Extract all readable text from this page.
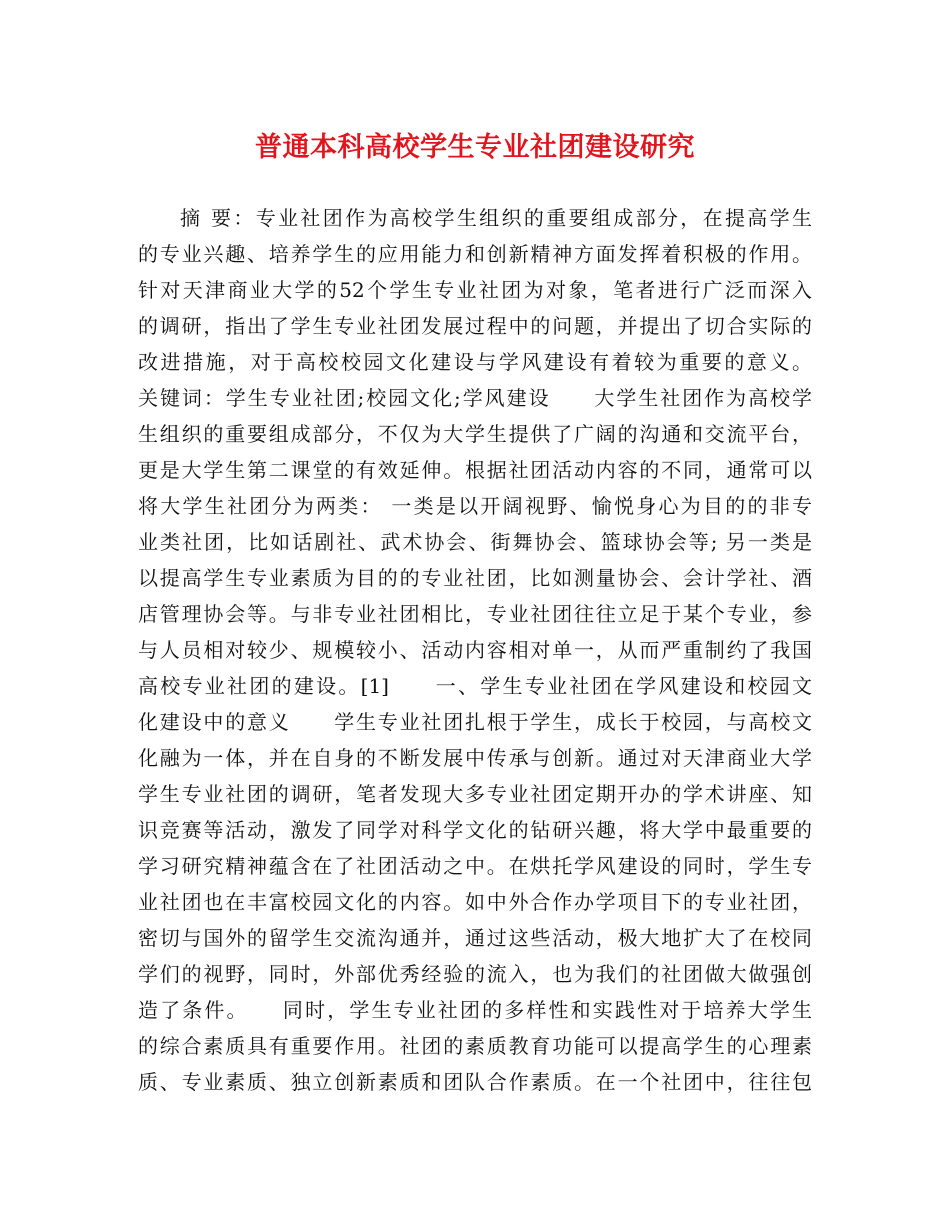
普通本科高校学生专业社团建设研究
摘 要：专业社团作为高校学生组织的重要组成部分，在提高学生
的专业兴趣、培养学生的应用能力和创新精神方面发挥着积极的作用。
针对天津商业大学的52个学生专业社团为对象，笔者进行广泛而深入
的调研，指出了学生专业社团发展过程中的问题，并提出了切合实际的
改进措施，对于高校校园文化建设与学风建设有着较为重要的意义。
关键词：学生专业社团;校园文化;学风建设　　大学生社团作为高校学
生组织的重要组成部分，不仅为大学生提供了广阔的沟通和交流平台，
更是大学生第二课堂的有效延伸。根据社团活动内容的不同，通常可以
将大学生社团分为两类： 一类是以开阔视野、愉悦身心为目的的非专
业类社团，比如话剧社、武术协会、街舞协会、篮球协会等; 另一类是
以提高学生专业素质为目的的专业社团，比如测量协会、会计学社、酒
店管理协会等。与非专业社团相比，专业社团往往立足于某个专业，参
与人员相对较少、规模较小、活动内容相对单一，从而严重制约了我国
高校专业社团的建设。[1]　　一、学生专业社团在学风建设和校园文
化建设中的意义　　学生专业社团扎根于学生，成长于校园，与高校文
化融为一体，并在自身的不断发展中传承与创新。通过对天津商业大学
学生专业社团的调研，笔者发现大多专业社团定期开办的学术讲座、知
识竞赛等活动，激发了同学对科学文化的钻研兴趣，将大学中最重要的
学习研究精神蕴含在了社团活动之中。在烘托学风建设的同时，学生专
业社团也在丰富校园文化的内容。如中外合作办学项目下的专业社团，
密切与国外的留学生交流沟通并，通过这些活动，极大地扩大了在校同
学们的视野，同时，外部优秀经验的流入，也为我们的社团做大做强创
造了条件。　　同时，学生专业社团的多样性和实践性对于培养大学生
的综合素质具有重要作用。社团的素质教育功能可以提高学生的心理素
质、专业素质、独立创新素质和团队合作素质。在一个社团中，往往包
